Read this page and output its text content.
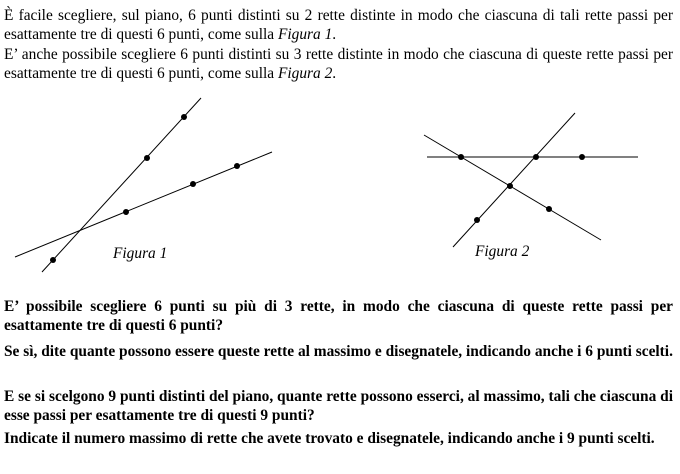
È facile scegliere, sul piano, 6 punti distinti su 2 rette distinte in modo che ciascuna di tali rette passi per esattamente tre di questi 6 punti, come sulla Figura 1.

E’ anche possibile scegliere 6 punti distinti su 3 rette distinte in modo che ciascuna di queste rette passi per esattamente tre di questi 6 punti, come sulla Figura 2.

Figura 1	Figura 2

E’ possibile scegliere 6 punti su più di 3 rette, in modo che ciascuna di queste rette passi per esattamente tre di questi 6 punti?

Se sì, dite quante possono essere queste rette al massimo e disegnatele, indicando anche i 6 punti scelti.

E se si scelgono 9 punti distinti del piano, quante rette possono esserci, al massimo, tali che ciascuna di esse passi per esattamente tre di questi 9 punti?

Indicate il numero massimo di rette che avete trovato e disegnatele, indicando anche i 9 punti scelti.
